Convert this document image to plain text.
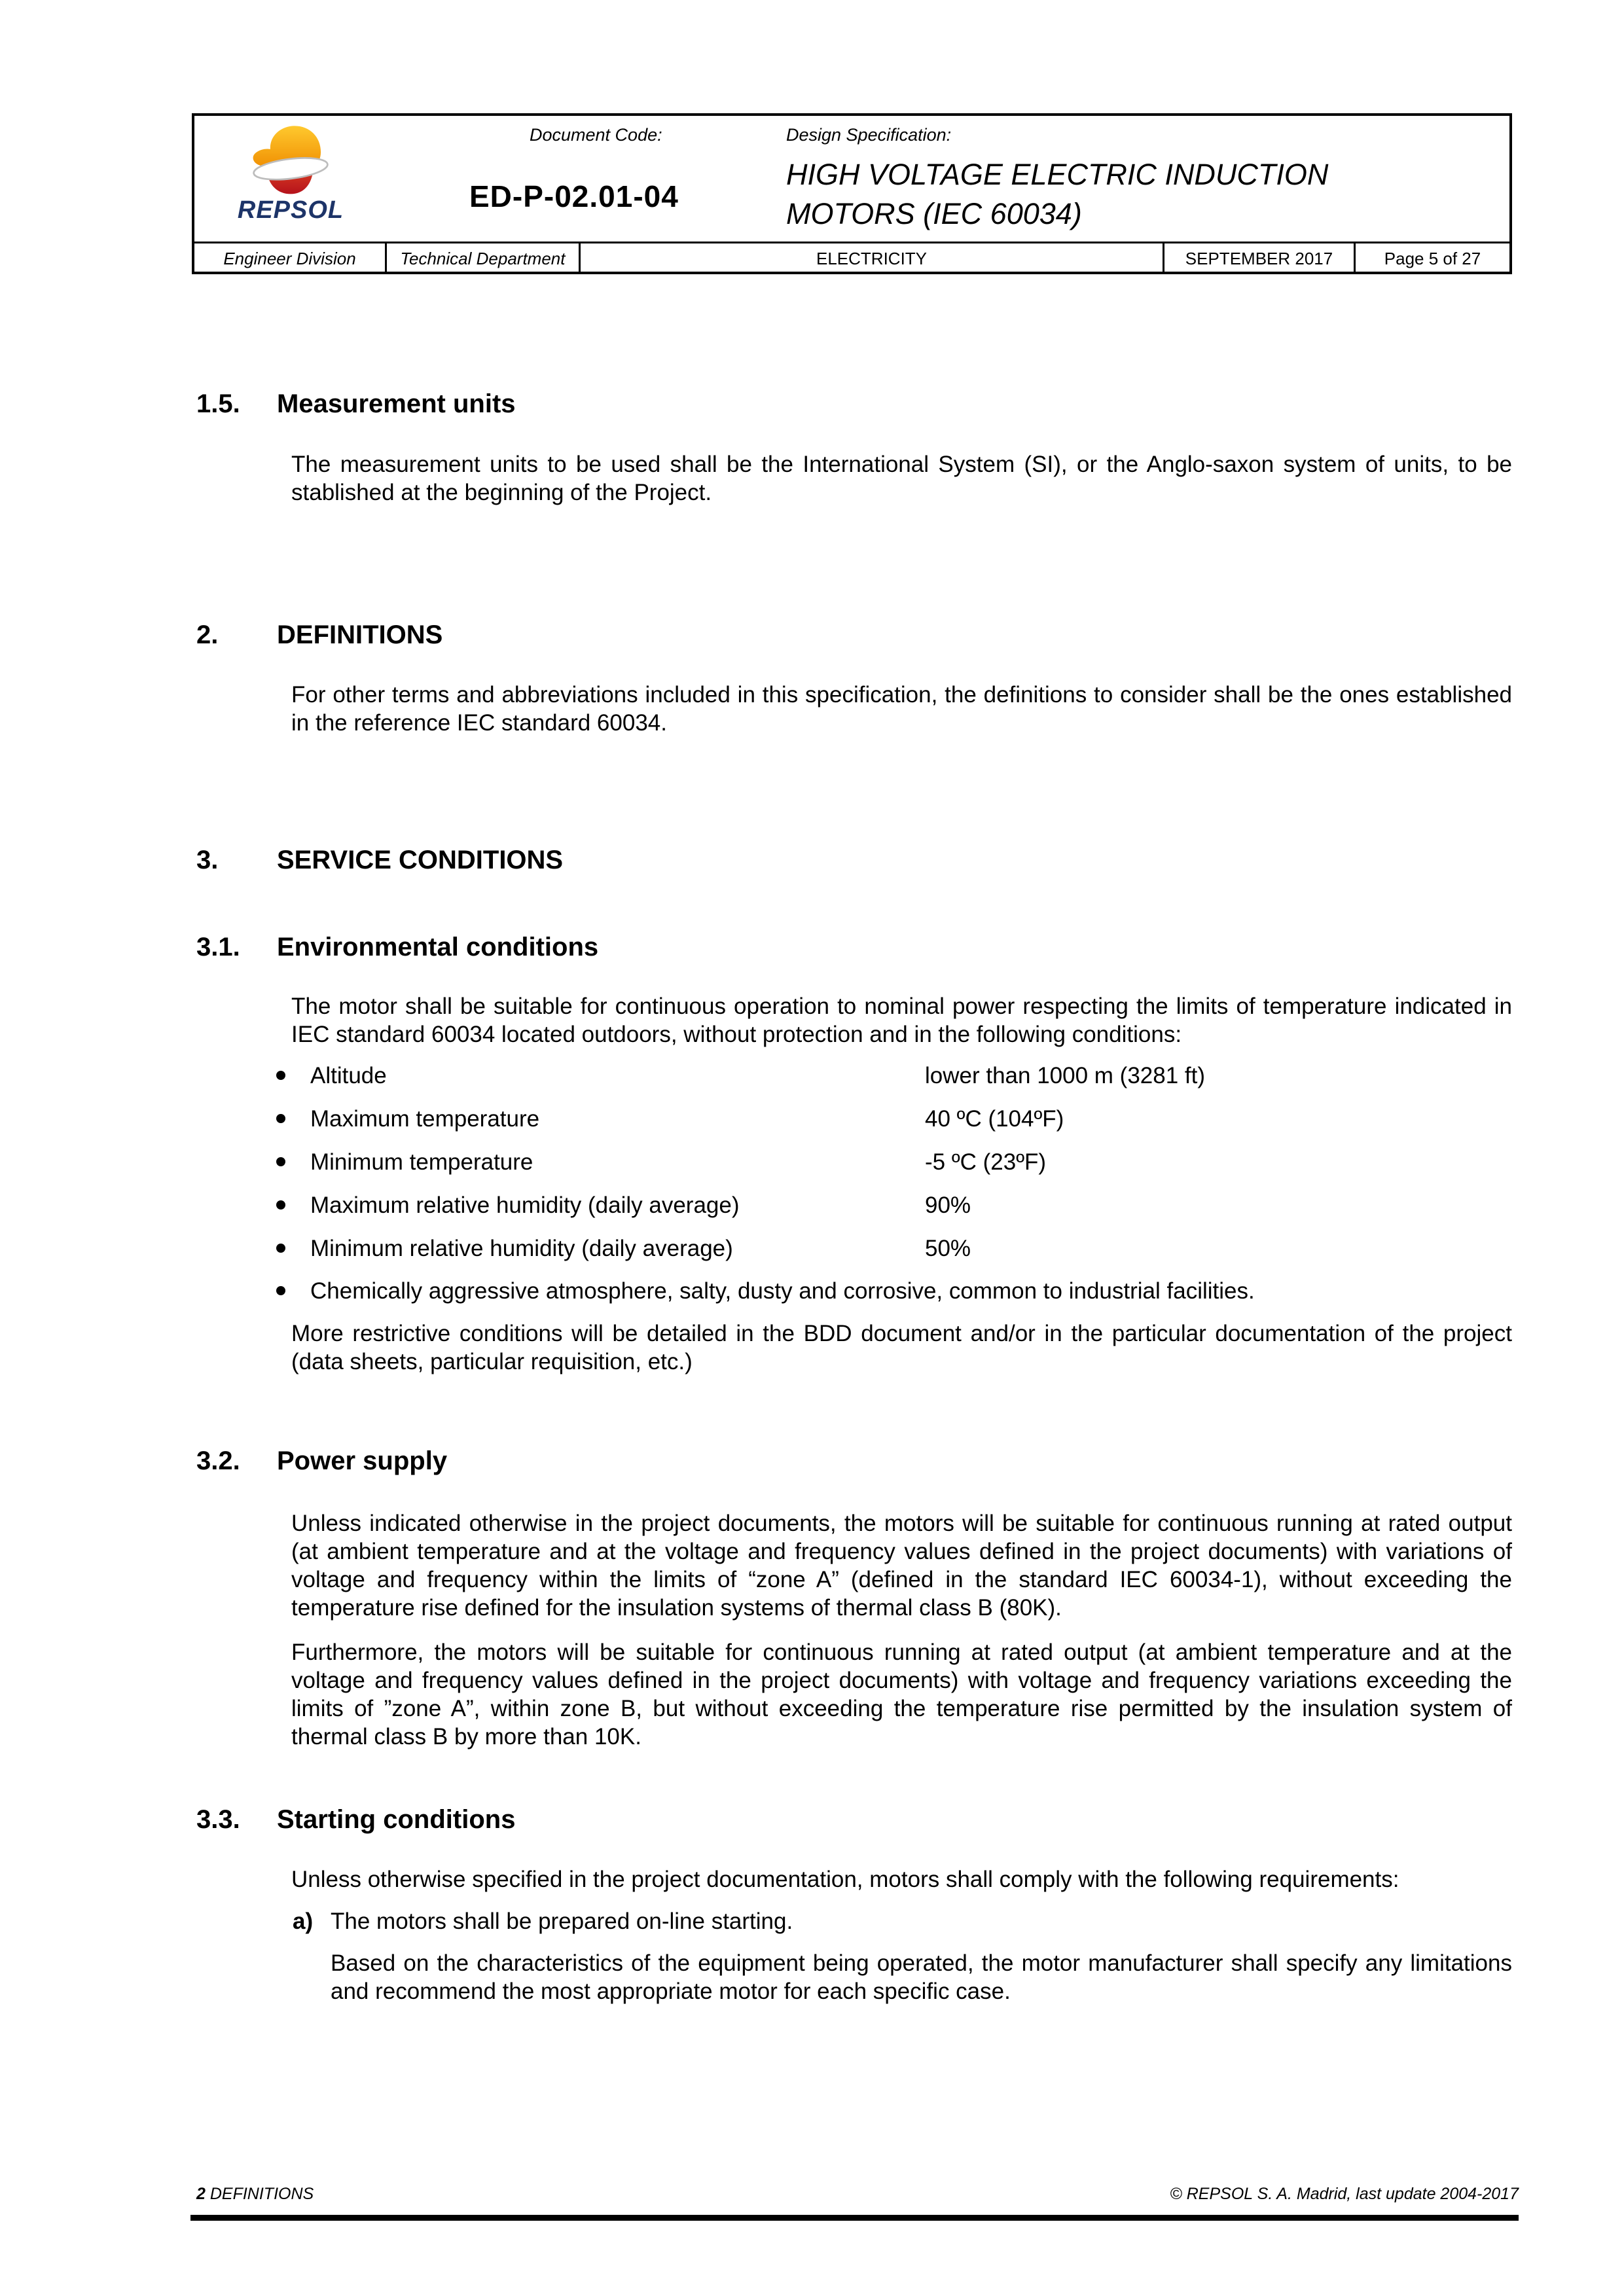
REPSOL
Document Code:
ED-P-02.01-04
Design Specification:
HIGH VOLTAGE ELECTRIC INDUCTION
MOTORS (IEC 60034)
Engineer Division	Technical Department	ELECTRICITY	SEPTEMBER 2017	Page 5 of 27
1.5. Measurement units
The measurement units to be used shall be the International System (SI), or the Anglo-saxon system of units, to be stablished at the beginning of the Project.
2. DEFINITIONS
For other terms and abbreviations included in this specification, the definitions to consider shall be the ones established in the reference IEC standard 60034.
3. SERVICE CONDITIONS
3.1. Environmental conditions
The motor shall be suitable for continuous operation to nominal power respecting the limits of temperature indicated in IEC standard 60034 located outdoors, without protection and in the following conditions:
Altitude	lower than 1000 m (3281 ft)
Maximum temperature	40 ºC (104ºF)
Minimum temperature	-5 ºC (23ºF)
Maximum relative humidity (daily average)	90%
Minimum relative humidity (daily average)	50%
Chemically aggressive atmosphere, salty, dusty and corrosive, common to industrial facilities.
More restrictive conditions will be detailed in the BDD document and/or in the particular documentation of the project (data sheets, particular requisition, etc.)
3.2. Power supply
Unless indicated otherwise in the project documents, the motors will be suitable for continuous running at rated output (at ambient temperature and at the voltage and frequency values defined in the project documents) with variations of voltage and frequency within the limits of “zone A” (defined in the standard IEC 60034-1), without exceeding the temperature rise defined for the insulation systems of thermal class B (80K).
Furthermore, the motors will be suitable for continuous running at rated output (at ambient temperature and at the voltage and frequency values defined in the project documents) with voltage and frequency variations exceeding the limits of ”zone A”, within zone B, but without exceeding the temperature rise permitted by the insulation system of thermal class B by more than 10K.
3.3. Starting conditions
Unless otherwise specified in the project documentation, motors shall comply with the following requirements:
a) The motors shall be prepared on-line starting.
Based on the characteristics of the equipment being operated, the motor manufacturer shall specify any limitations and recommend the most appropriate motor for each specific case.
2 DEFINITIONS	© REPSOL S. A. Madrid, last update 2004-2017
